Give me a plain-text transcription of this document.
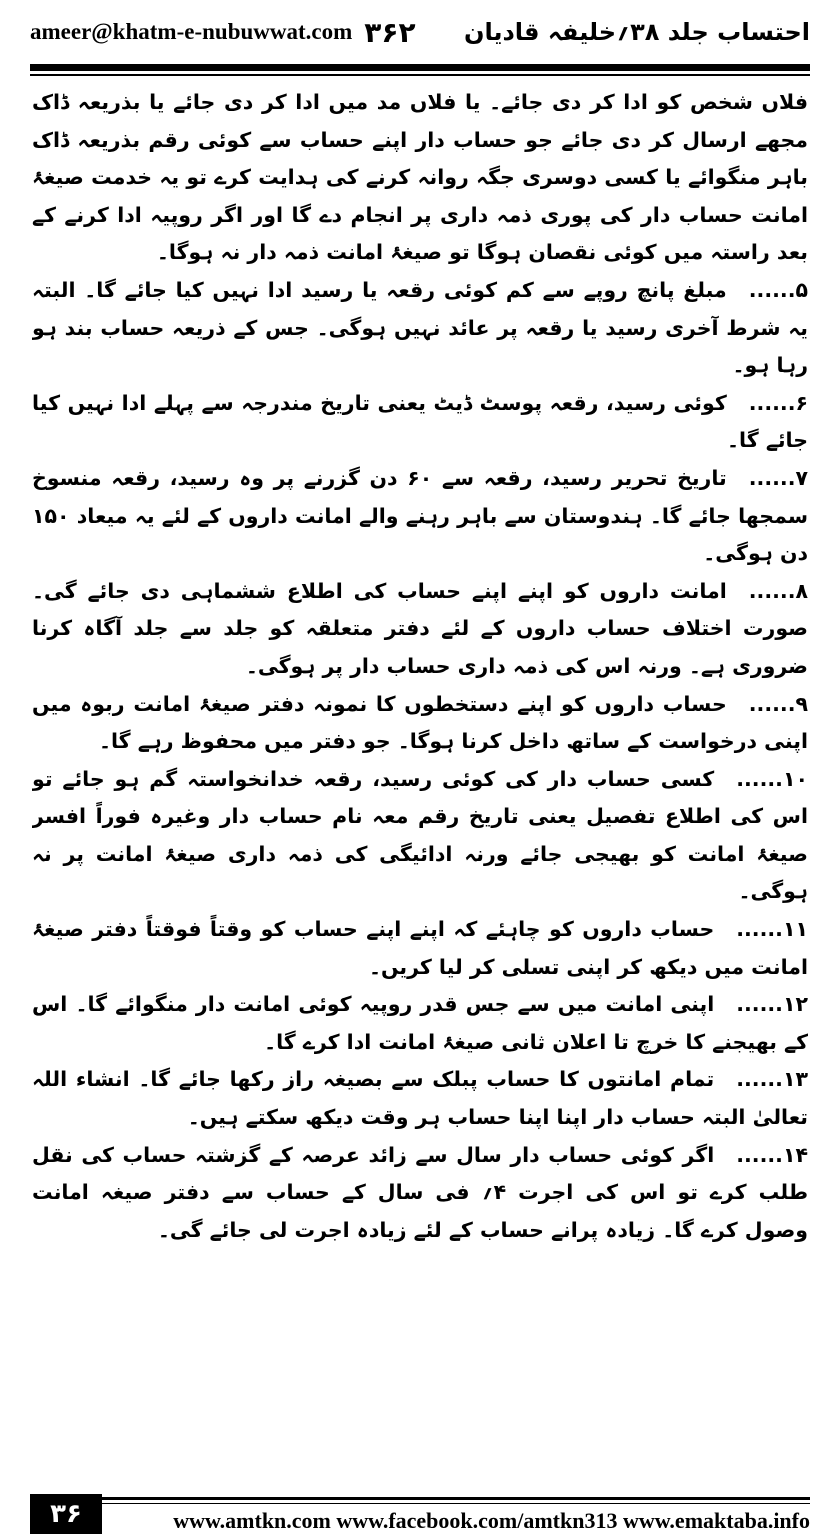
ameer@khatm-e-nubuwwat.com ۳۶۲ احتساب جلد ۳۸؍خلیفہ قادیان

فلاں شخص کو ادا کر دی جائے۔ یا فلاں مد میں ادا کر دی جائے یا بذریعہ ڈاک مجھے ارسال کر دی جائے جو حساب دار اپنے حساب سے کوئی رقم بذریعہ ڈاک باہر منگوائے یا کسی دوسری جگہ روانہ کرنے کی ہدایت کرے تو یہ خدمت صیغۂ امانت حساب دار کی پوری ذمہ داری پر انجام دے گا اور اگر روپیہ ادا کرنے کے بعد راستہ میں کوئی نقصان ہوگا تو صیغۂ امانت ذمہ دار نہ ہوگا۔

۵......مبلغ پانچ روپے سے کم کوئی رقعہ یا رسید ادا نہیں کیا جائے گا۔ البتہ یہ شرط آخری رسید یا رقعہ پر عائد نہیں ہوگی۔ جس کے ذریعہ حساب بند ہو رہا ہو۔

۶......کوئی رسید، رقعہ پوسٹ ڈیٹ یعنی تاریخ مندرجہ سے پہلے ادا نہیں کیا جائے گا۔

۷......تاریخ تحریر رسید، رقعہ سے ۶۰ دن گزرنے پر وہ رسید، رقعہ منسوخ سمجھا جائے گا۔ ہندوستان سے باہر رہنے والے امانت داروں کے لئے یہ میعاد ۱۵۰ دن ہوگی۔

۸......امانت داروں کو اپنے اپنے حساب کی اطلاع ششماہی دی جائے گی۔ صورت اختلاف حساب داروں کے لئے دفتر متعلقہ کو جلد سے جلد آگاہ کرنا ضروری ہے۔ ورنہ اس کی ذمہ داری حساب دار پر ہوگی۔

۹......حساب داروں کو اپنے دستخطوں کا نمونہ دفتر صیغۂ امانت ربوہ میں اپنی درخواست کے ساتھ داخل کرنا ہوگا۔ جو دفتر میں محفوظ رہے گا۔

۱۰......کسی حساب دار کی کوئی رسید، رقعہ خدانخواستہ گم ہو جائے تو اس کی اطلاع تفصیل یعنی تاریخ رقم معہ نام حساب دار وغیرہ فوراً افسر صیغۂ امانت کو بھیجی جائے ورنہ ادائیگی کی ذمہ داری صیغۂ امانت پر نہ ہوگی۔

۱۱......حساب داروں کو چاہئے کہ اپنے اپنے حساب کو وقتاً فوقتاً دفتر صیغۂ امانت میں دیکھ کر اپنی تسلی کر لیا کریں۔

۱۲......اپنی امانت میں سے جس قدر روپیہ کوئی امانت دار منگوائے گا۔ اس کے بھیجنے کا خرچ تا اعلان ثانی صیغۂ امانت ادا کرے گا۔

۱۳......تمام امانتوں کا حساب پبلک سے بصیغہ راز رکھا جائے گا۔ انشاء اللہ تعالیٰ البتہ حساب دار اپنا اپنا حساب ہر وقت دیکھ سکتے ہیں۔

۱۴......اگر کوئی حساب دار سال سے زائد عرصہ کے گزشتہ حساب کی نقل طلب کرے تو اس کی اجرت ۴؍ فی سال کے حساب سے دفتر صیغہ امانت وصول کرے گا۔ زیادہ پرانے حساب کے لئے زیادہ اجرت لی جائے گی۔

۳۶	www.amtkn.com www.facebook.com/amtkn313 www.emaktaba.info
